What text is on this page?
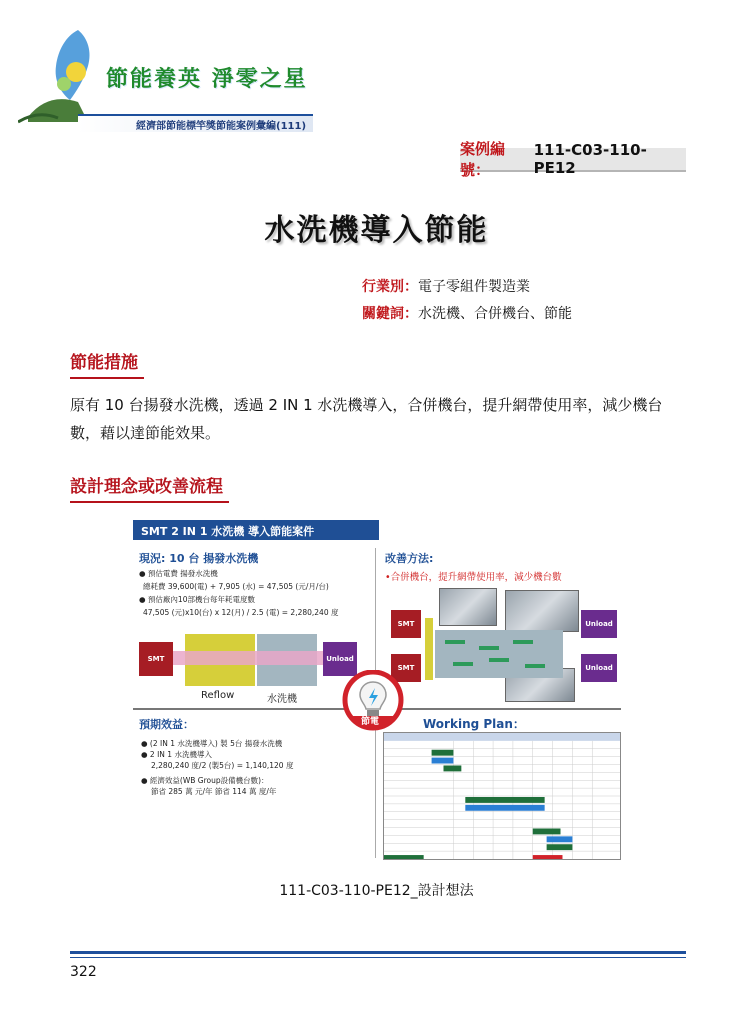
節能養英 淨零之星
經濟部節能標竿獎節能案例彙編(111)
案例編號：
111-C03-110-PE12
水洗機導入節能
行業別：電子零組件製造業
關鍵詞：水洗機、合併機台、節能
節能措施
原有 10 台揚發水洗機，透過 2 IN 1 水洗機導入，合併機台，提升網帶使用率，減少機台數，藉以達節能效果。
設計理念或改善流程
SMT 2 IN 1 水洗機 導入節能案件
現況: 10 台 揚發水洗機
● 預估電費 揚發水洗機
總耗費 39,600(電) + 7,905 (水) = 47,505 (元/月/台)
● 預估廠內10部機台每年耗電度數
47,505 (元)x10(台) x 12(月) / 2.5 (電) = 2,280,240 度
SMT	Unload
Reflow	水洗機
改善方法:
•合併機台，提升網帶使用率，減少機台數
SMT
SMT
Unload
Unload
節電
預期效益：
● (2 IN 1 水洗機導入) 製 5台 揚發水洗機
● 2 IN 1 水洗機導入
2,280,240 度/2 (製5台) = 1,140,120 度
● 經濟效益(WB Group設備機台數)：
節省 285 萬 元/年 節省 114 萬 度/年
Working Plan：
111-C03-110-PE12_設計想法
322
